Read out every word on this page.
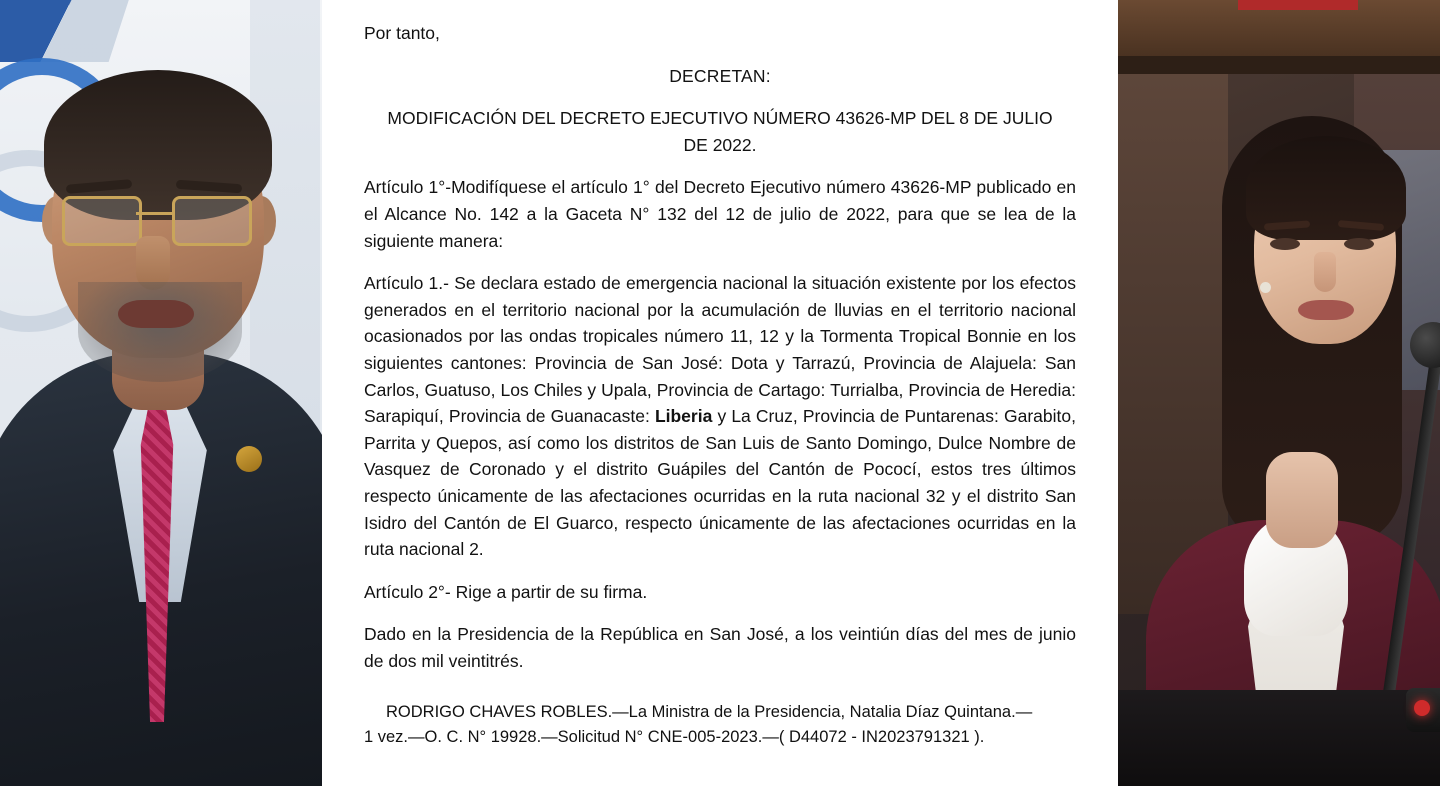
Por tanto,

DECRETAN:

MODIFICACIÓN DEL DECRETO EJECUTIVO NÚMERO 43626-MP DEL 8 DE JULIO DE 2022.

Artículo 1°-Modifíquese el artículo 1° del Decreto Ejecutivo número 43626-MP publicado en el Alcance No. 142 a la Gaceta N° 132 del 12 de julio de 2022, para que se lea de la siguiente manera:

Artículo 1.- Se declara estado de emergencia nacional la situación existente por los efectos generados en el territorio nacional por la acumulación de lluvias en el territorio nacional ocasionados por las ondas tropicales número 11, 12 y la Tormenta Tropical Bonnie en los siguientes cantones: Provincia de San José: Dota y Tarrazú, Provincia de Alajuela: San Carlos, Guatuso, Los Chiles y Upala, Provincia de Cartago: Turrialba, Provincia de Heredia: Sarapiquí, Provincia de Guanacaste: Liberia y La Cruz, Provincia de Puntarenas: Garabito, Parrita y Quepos, así como los distritos de San Luis de Santo Domingo, Dulce Nombre de Vasquez de Coronado y el distrito Guápiles del Cantón de Pococí, estos tres últimos respecto únicamente de las afectaciones ocurridas en la ruta nacional 32 y el distrito San Isidro del Cantón de El Guarco, respecto únicamente de las afectaciones ocurridas en la ruta nacional 2.

Artículo 2°- Rige a partir de su firma.

Dado en la Presidencia de la República en San José, a los veintiún días del mes de junio de dos mil veintitrés.

RODRIGO CHAVES ROBLES.—La Ministra de la Presidencia, Natalia Díaz Quintana.—
1 vez.—O. C. N° 19928.—Solicitud N° CNE-005-2023.—( D44072 - IN2023791321 ).
